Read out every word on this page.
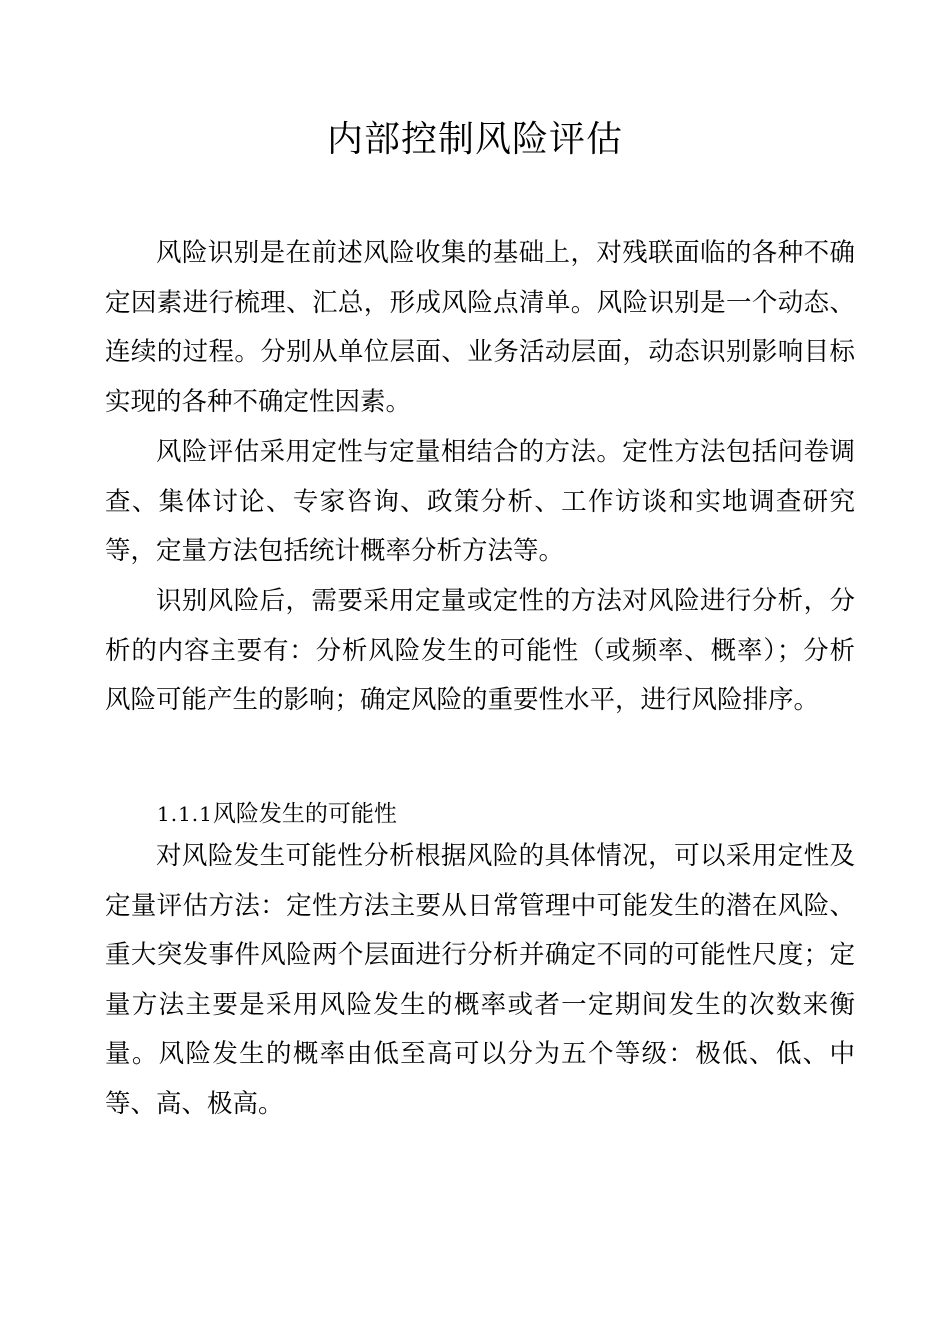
内部控制风险评估

风险识别是在前述风险收集的基础上，对残联面临的各种不确定因素进行梳理、汇总，形成风险点清单。风险识别是一个动态、连续的过程。分别从单位层面、业务活动层面，动态识别影响目标实现的各种不确定性因素。

风险评估采用定性与定量相结合的方法。定性方法包括问卷调查、集体讨论、专家咨询、政策分析、工作访谈和实地调查研究等，定量方法包括统计概率分析方法等。

识别风险后，需要采用定量或定性的方法对风险进行分析，分析的内容主要有：分析风险发生的可能性（或频率、概率）；分析风险可能产生的影响；确定风险的重要性水平，进行风险排序。

1.1.1风险发生的可能性

对风险发生可能性分析根据风险的具体情况，可以采用定性及定量评估方法：定性方法主要从日常管理中可能发生的潜在风险、重大突发事件风险两个层面进行分析并确定不同的可能性尺度；定量方法主要是采用风险发生的概率或者一定期间发生的次数来衡量。风险发生的概率由低至高可以分为五个等级：极低、低、中等、高、极高。
